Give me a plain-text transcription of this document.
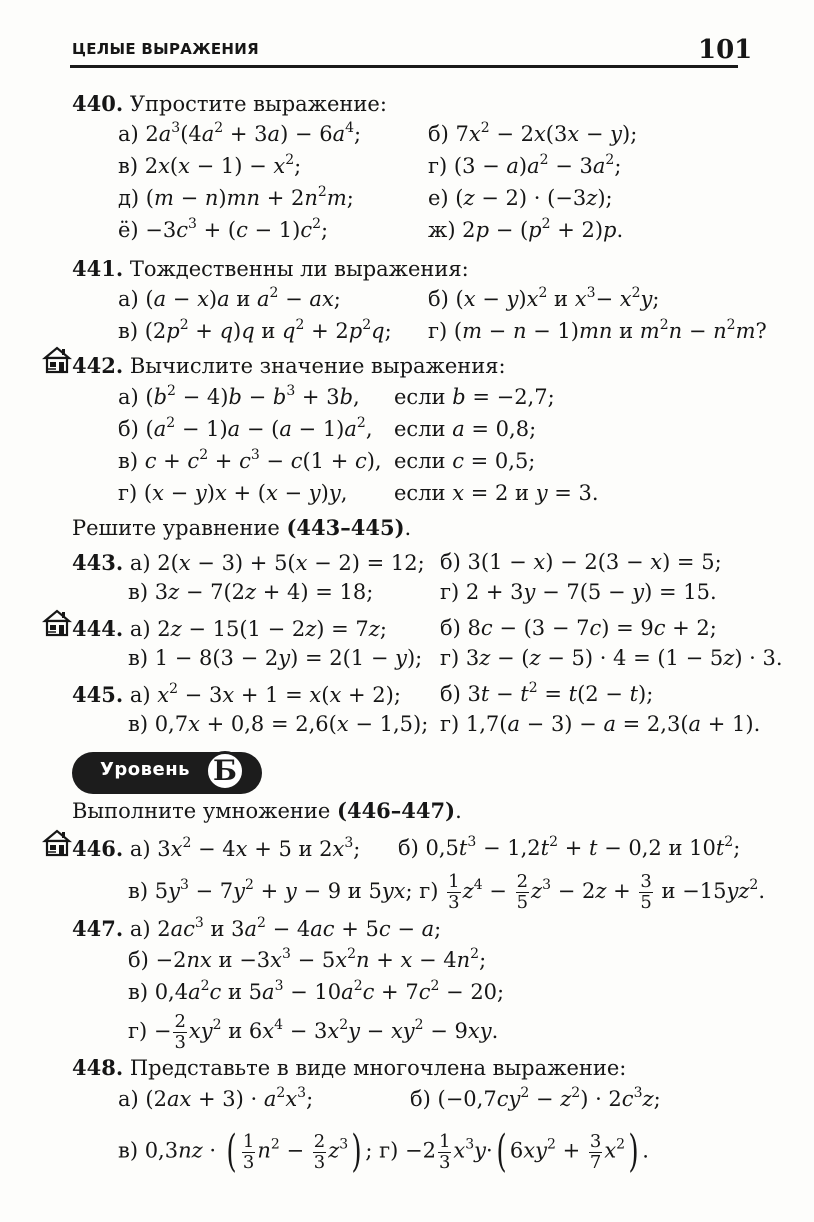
ЦЕЛЫЕ ВЫРАЖЕНИЯ	101
Уровень Б
440. Упростите выражение:
а) $2a^3(4a^2 + 3a) - 6a^4$;	б) $7x^2 - 2x(3x - y)$;
в) $2x(x - 1) - x^2$;	г) $(3 - a)a^2 - 3a^2$;
д) $(m - n)mn + 2n^2m$;	е) (z − 2) · (−3z);
$ё) -3c^3 + (c - 1)c^2$;	ж) $2p - (p^2 + 2)p$.
441. Тождественны ли выражения:
а) (a − x)a и $a^2$ − ax;	б) $(x - y)x^2$ и $x^3- x^2y$;
в) $(2p^2 + q)q$ и $q^2 + 2p^2q$; г) (m − n − 1)mn и $m^2n - n^2m$?
442. Вычислите значение выражения:
а) $(b^2 - 4)b - b^3 + 3b$, если b = −2,7;
б) $(a^2 - 1)a - (a - 1)a^2$, если a = 0,8;
в) $c + c^2 + c^3 - c(1 + c)$, если c = 0,5;
г) (x − y)x + (x − y)y, если x = 2 и y = 3.
Решите уравнение (443–445).
443. а) 2(x − 3) + 5(x − 2) = 12; б) 3(1 − x) − 2(3 − x) = 5;
в) 3z − 7(2z + 4) = 18;	г) 2 + 3y − 7(5 − y) = 15.
444. а) 2z − 15(1 − 2z) = 7z;	б) 8c − (3 − 7c) = 9c + 2;
в) 1 − 8(3 − 2y) = 2(1 − y); г) 3z − (z − 5) · 4 = (1 − 5z) · 3.
445. а) $x^2 - 3x + 1 = x(x + 2)$; б) $3t - t^2 = t(2 - t)$;
в) 0,7x + 0,8 = 2,6(x − 1,5); г) 1,7(a − 3) − a = 2,3(a + 1).
Выполните умножение (446–447).
446. а) $3x^2 - 4x + 5$ и $2x^3$; б) $0,5t^3 - 1,2t^2 + t - 0,2$ и $10t^2$;
в) $5y^3 - 7y^2 + y - 9$ и 5yx; $г) \frac{1}{3} z^4 - \frac{2}{5} z^3 - 2z + \frac{3}{5}$ $и -15yz^2$.
447. а) $2ac^3$ и $3a^2 - 4ac + 5c - a$;
б) −2nx $и -3x^3 - 5x^2n + x - 4n^2$;
в) $0,4a^2c$ и $5a^3 - 10a^2c + 7c^2 - 20$;
$г) - \frac{2}{3} xy^2$ и $6x^4 - 3x^2y - xy^2 - 9xy$.
448. Представьте в виде многочлена выражение:
а) $(2ax + 3) \cdot a^2x^3$;	б) $(-0,7cy^2 - z^2) \cdot 2c^3z$;
в) 0,3nz · ( $\frac{1}{3} n^2 - \frac{2}{3} z^3$) ; $г) -2 \frac{1}{3} x^3y\cdot$( $6xy^2 + \frac{3}{7} x^2$) .
